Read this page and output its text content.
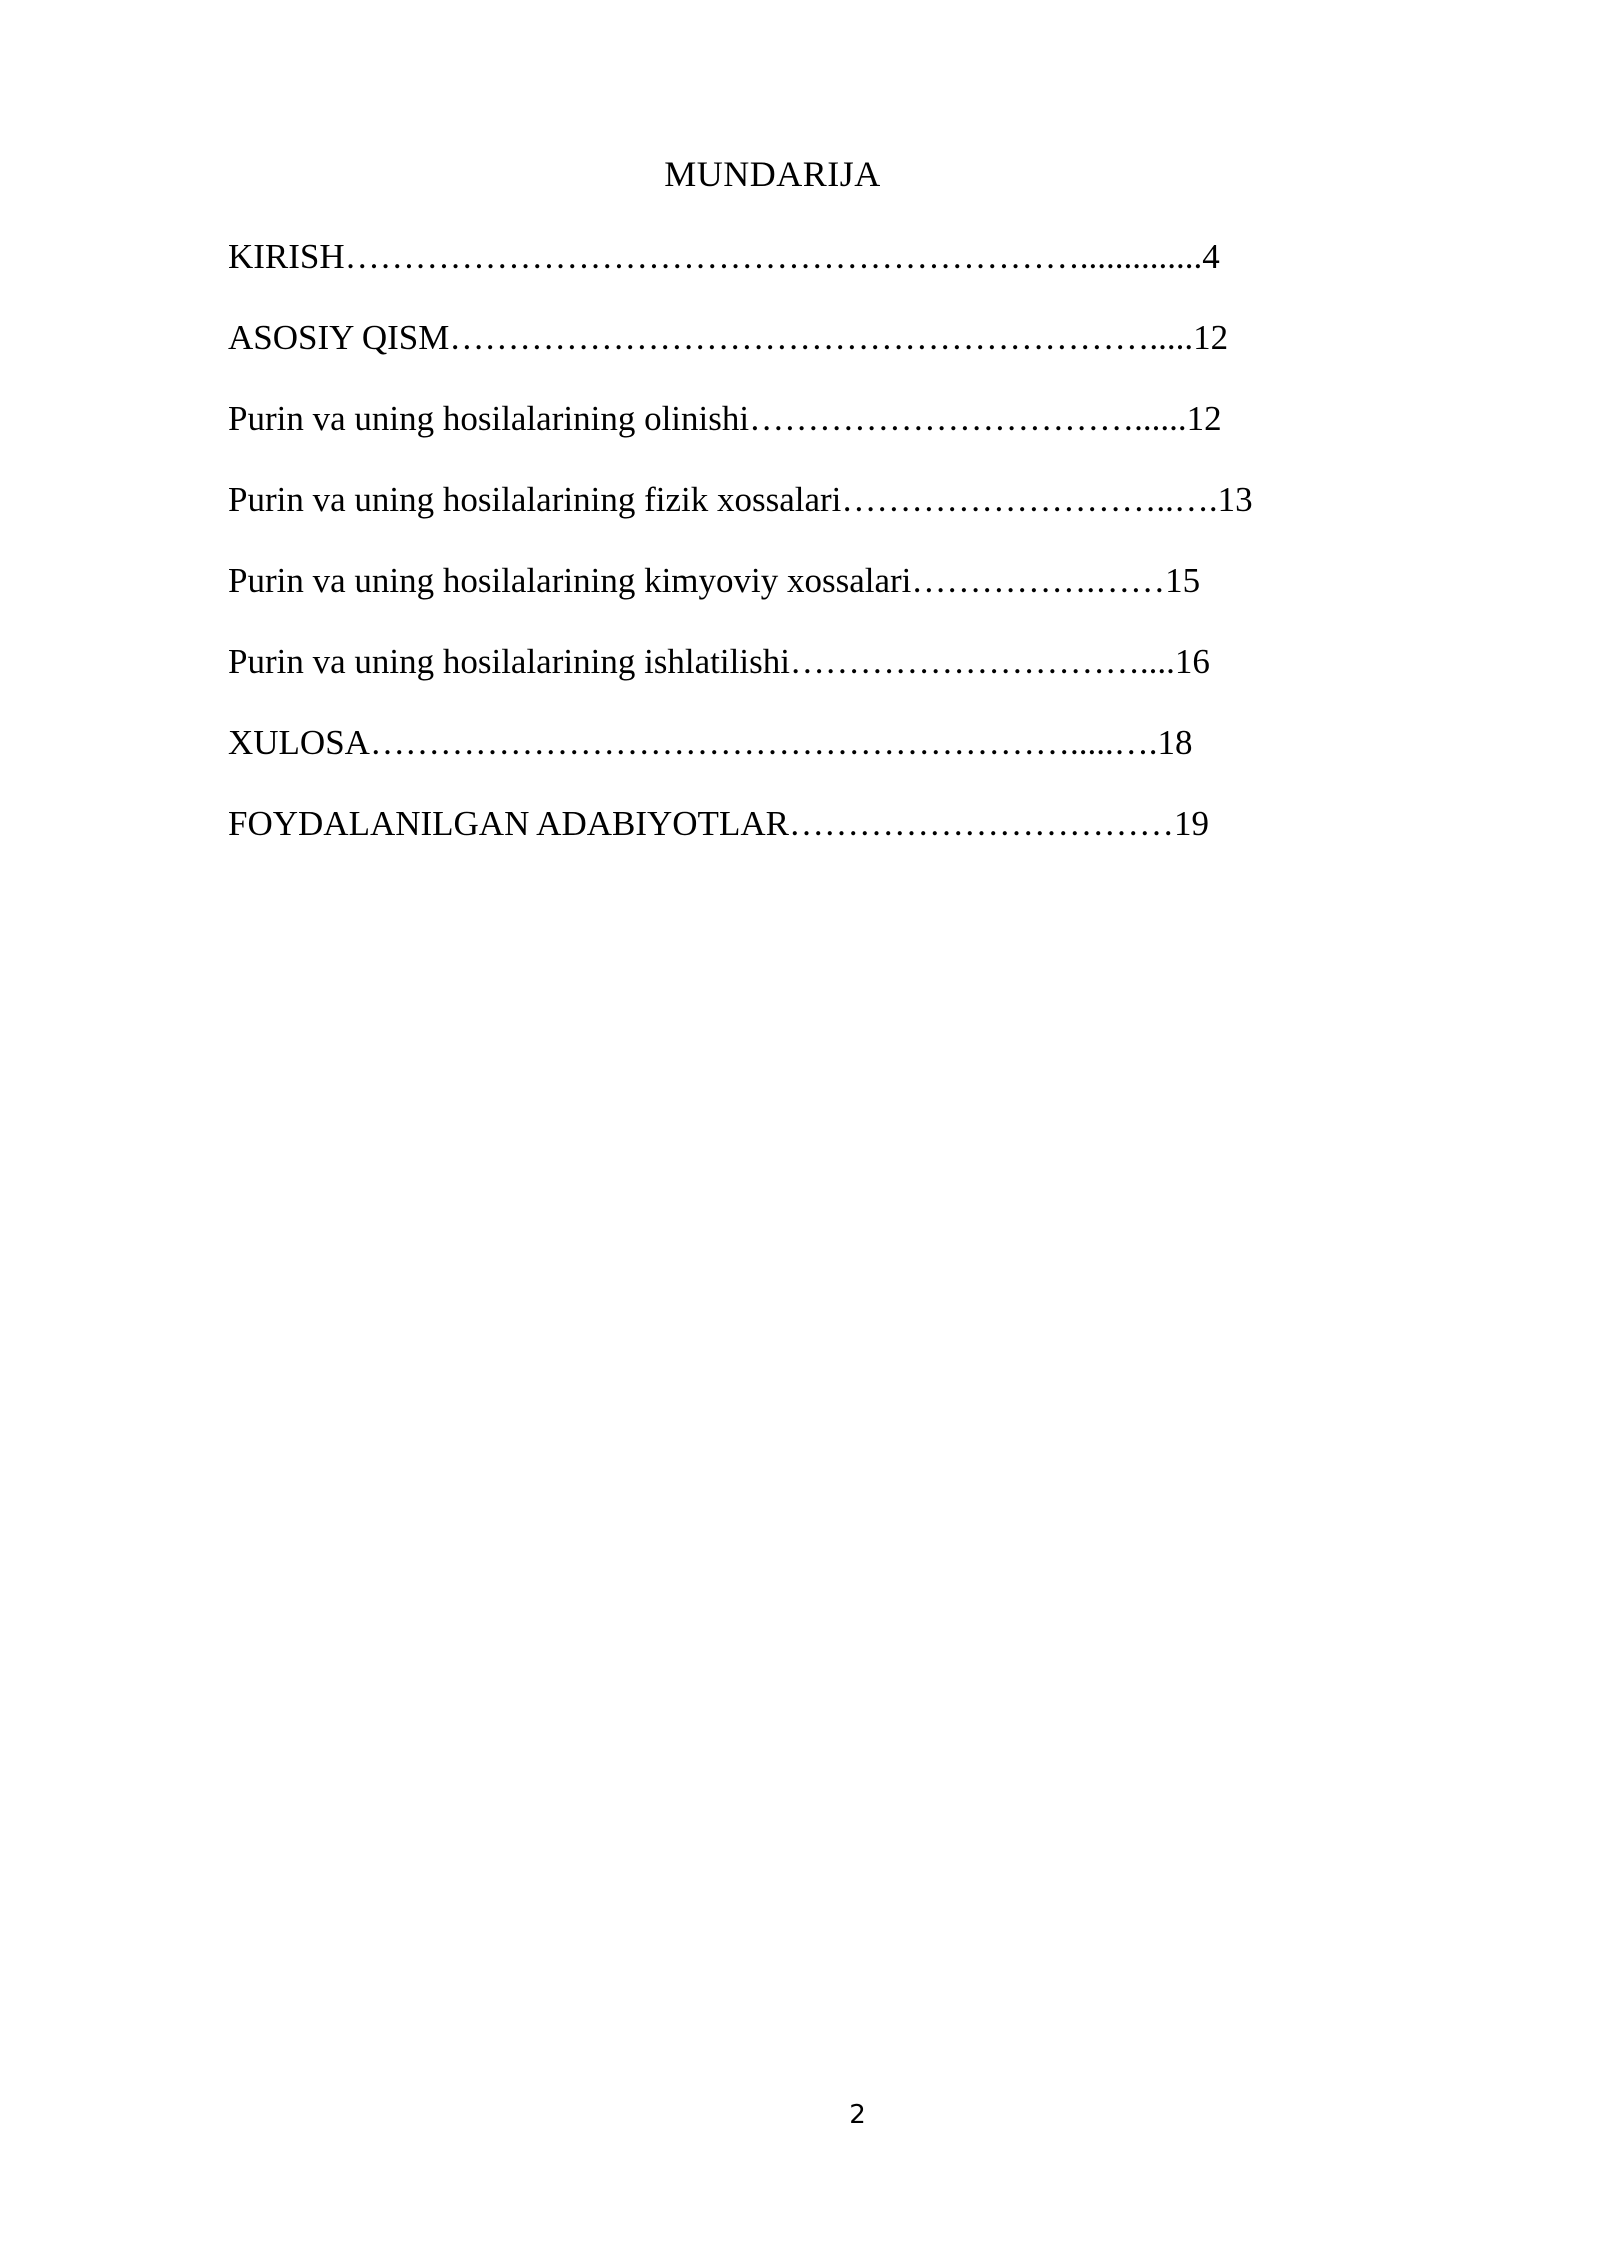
MUNDARIJA
KIRISH………………………………………………………..............4
ASOSIY QISM…………………………………………………….....12
Purin va uning hosilalarining olinishi……………………………......12
Purin va uning hosilalarining fizik xossalari………………………..….13
Purin va uning hosilalarining kimyoviy xossalari…………….……15
Purin va uning hosilalarining ishlatilishi…………………………....16
XULOSA…………………………………………………….....….18
FOYDALANILGAN ADABIYOTLAR……………………………19
2
